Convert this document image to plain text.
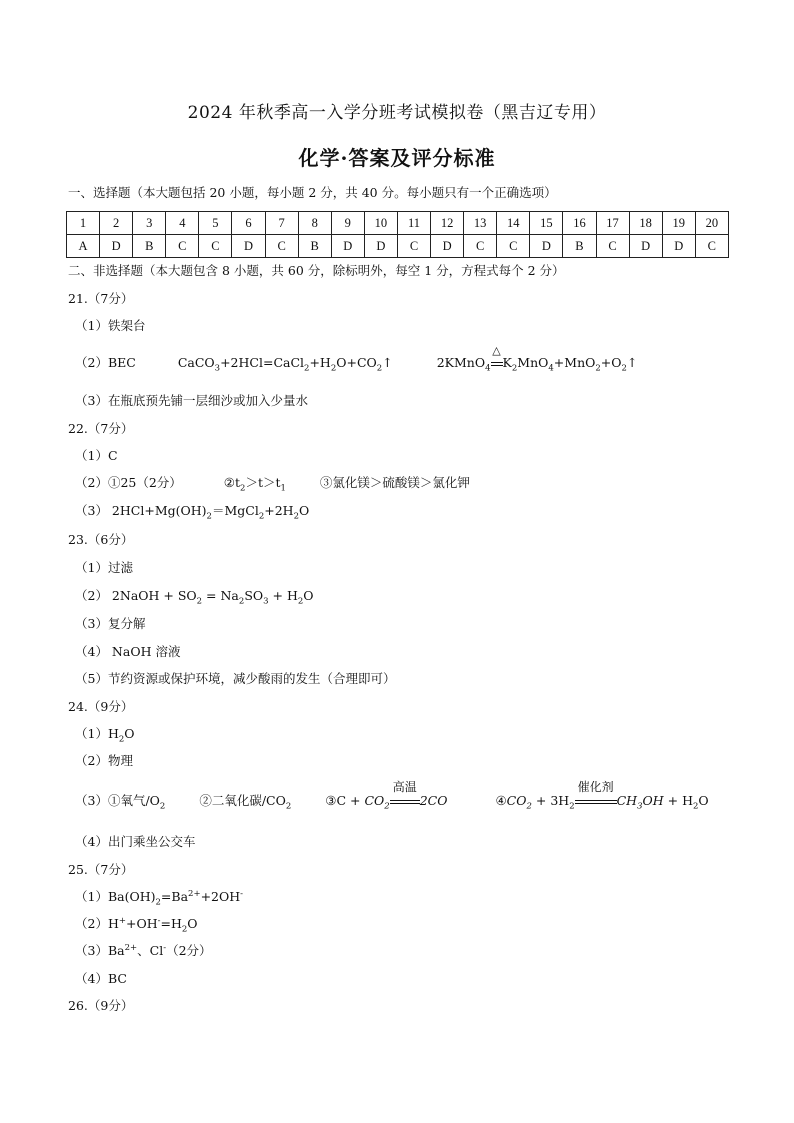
2024 年秋季高一入学分班考试模拟卷（黑吉辽专用）
化学·答案及评分标准
一、选择题（本大题包括 20 小题，每小题 2 分，共 40 分。每小题只有一个正确选项）
1	2	3	4	5	6	7	8	9	10	11	12	13	14	15	16	17	18	19	20
A	D	B	C	C	D	C	B	D	D	C	D	C	C	D	B	C	D	D	C
二、非选择题（本大题包含 8 小题，共 60 分，除标明外，每空 1 分，方程式每个 2 分）
21.（7分）
（1）铁架台
（2）BEC	$CaCO_3+2HCl=CaCl_2+H_2O+CO_2↑$	2KMnO$_4$
△
$K_2MnO_4+MnO_2+O_2↑$
（3）在瓶底预先铺一层细沙或加入少量水
22.（7分）
（1）C
（2）①25（2分）	$②t_2>t>t_1$	③氯化镁＞硫酸镁＞氯化钾
（3） $2HCl+Mg(OH)_2=MgCl_2+2H_2O$
23.（6分）
（1）过滤
（2） 2NaOH + $SO_2 = Na_2SO_3 + H_2O$
（3）复分解
（4） NaOH 溶液
（5）节约资源或保护环境，减少酸雨的发生（合理即可）
24.（9分）
$(1)H_2O$
（2）物理
（3）①氧气$/O_2$	②二氧化碳$/CO_2$	③C + $CO_2$
高温
2CO	$④CO_2 + 3H_2$
催化剂
$CH_3OH + H_2O$
（4）出门乘坐公交车
25.（7分）
$(1)Ba(OH)_2=Ba^{2+}+2OH^-$
$(2)H^++OH^-=H_2O$
$(3)Ba^{2+}$、Cl-（2分）
（4）BC
26.（9分）
